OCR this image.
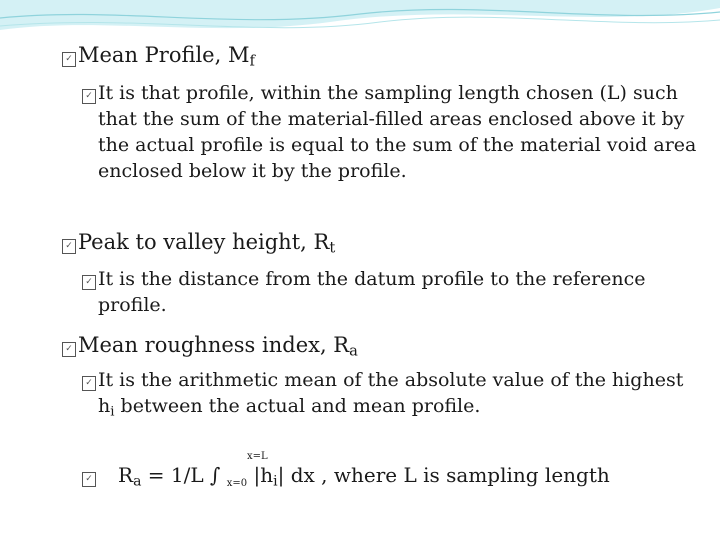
✓ Mean Profile, $M_f$
✓ It is that profile, within the sampling length chosen (L) such that the sum of the material-filled areas enclosed above it by the actual profile is equal to the sum of the material void area enclosed below it by the profile.
✓ Peak to valley height, $R_t$
✓ It is the distance from the datum profile to the reference profile.
✓ Mean roughness index, $R_a$
✓ It is the arithmetic mean of the absolute value of the highest $h_i$ between the actual and mean profile.
x=L
✓ $R_a = 1/L$ ∫ $_{x=0}$ $|h_i|$ dx , where L is sampling length
